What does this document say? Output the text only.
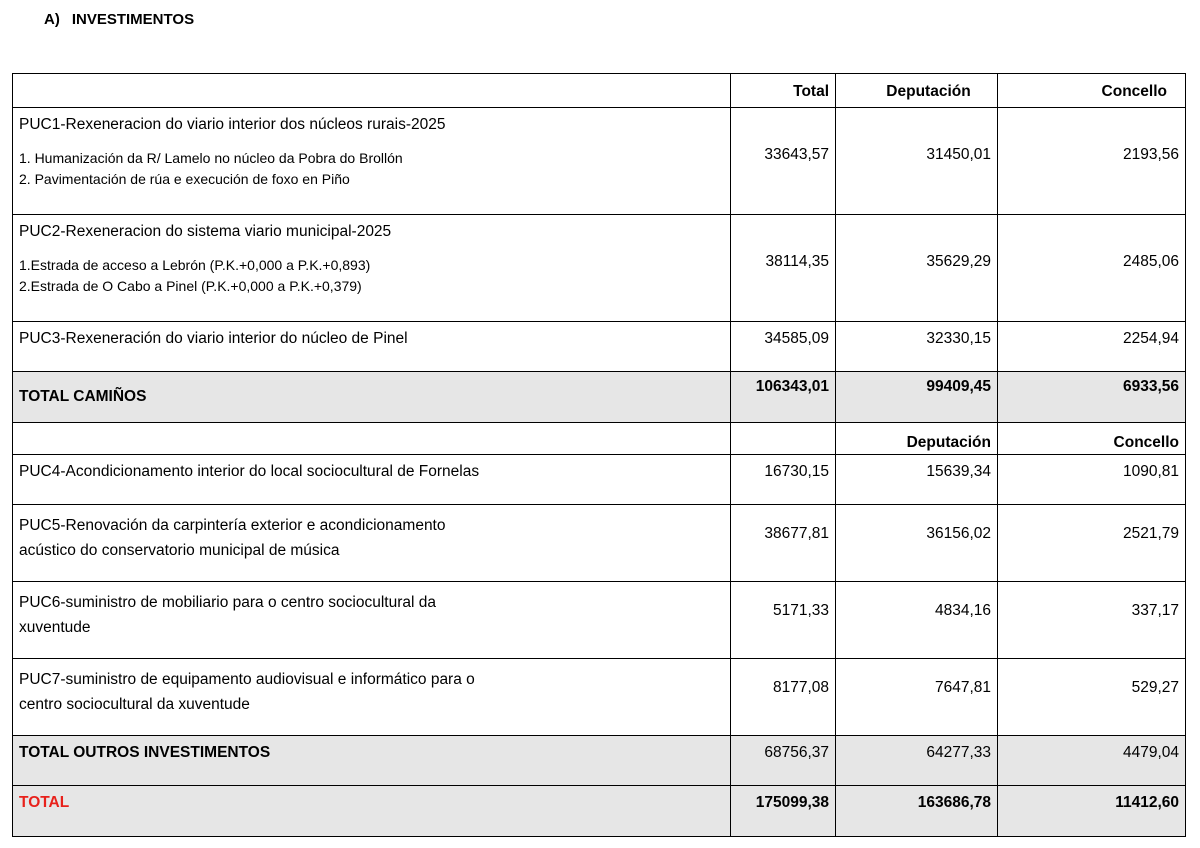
A) INVESTIMENTOS
	Total	Deputación	Concello

PUC1-Rexeneracion do viario interior dos núcleos rurais-2025
1. Humanización da R/ Lamelo no núcleo da Pobra do Brollón
2. Pavimentación de rúa e execución de foxo en Piño	33643,57	31450,01	2193,56

PUC2-Rexeneracion do sistema viario municipal-2025
1.Estrada de acceso a Lebrón (P.K.+0,000 a P.K.+0,893)
2.Estrada de O Cabo a Pinel (P.K.+0,000 a P.K.+0,379)	38114,35	35629,29	2485,06

PUC3-Rexeneración do viario interior do núcleo de Pinel	34585,09	32330,15	2254,94
TOTAL CAMIÑOS	106343,01	99409,45	6933,56
		Deputación	Concello

PUC4-Acondicionamento interior do local sociocultural de Fornelas	16730,15	15639,34	1090,81

PUC5-Renovación da carpintería exterior e acondicionamento
acústico do conservatorio municipal de música	38677,81	36156,02	2521,79

PUC6-suministro de mobiliario para o centro sociocultural da
xuventude	5171,33	4834,16	337,17

PUC7-suministro de equipamento audiovisual e informático para o
centro sociocultural da xuventude	8177,08	7647,81	529,27
TOTAL OUTROS INVESTIMENTOS	68756,37	64277,33	4479,04
TOTAL	175099,38	163686,78	11412,60
